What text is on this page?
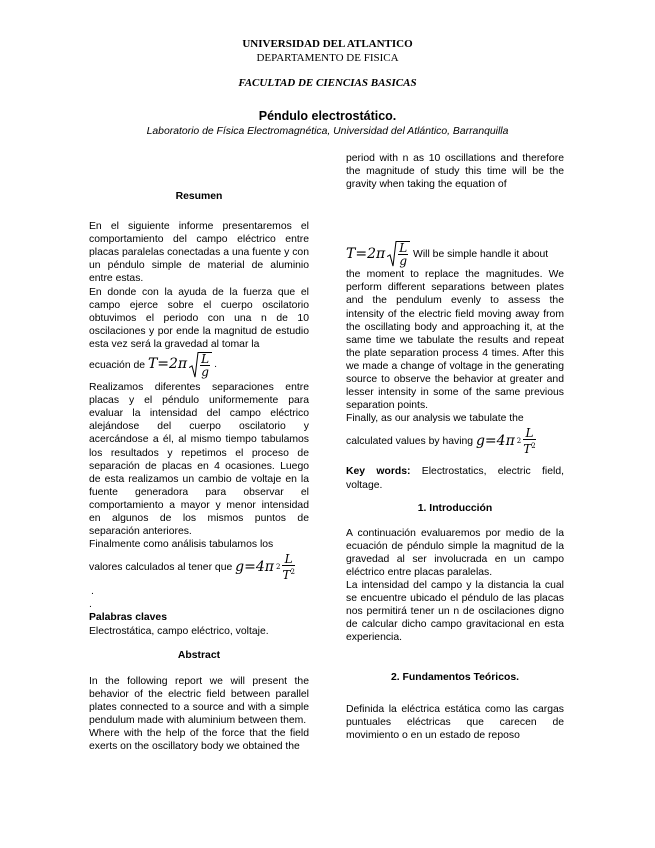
UNIVERSIDAD DEL ATLANTICO
DEPARTAMENTO DE FISICA
FACULTAD DE CIENCIAS BASICAS
Péndulo electrostático.
Laboratorio de Física Electromagnética, Universidad del Atlántico, Barranquilla

Resumen

En el siguiente informe presentaremos el comportamiento del campo eléctrico entre placas paralelas conectadas a una fuente y con un péndulo simple de material de aluminio entre estas.

En donde con la ayuda de la fuerza que el campo ejerce sobre el cuerpo oscilatorio obtuvimos el periodo con una n de 10 oscilaciones y por ende la magnitud de estudio esta vez será la gravedad al tomar la

ecuación de $T=2\pi \frac{L}{g}$ .

Realizamos diferentes separaciones entre placas y el péndulo uniformemente para evaluar la intensidad del campo eléctrico alejándose del cuerpo oscilatorio y acercándose a él, al mismo tiempo tabulamos los resultados y repetimos el proceso de separación de placas en 4 ocasiones. Luego de esta realizamos un cambio de voltaje en la fuente generadora para observar el comportamiento a mayor y menor intensidad en algunos de los mismos puntos de separación anteriores.

Finalmente como análisis tabulamos los

valores calculados al tener que g=4π $2 \frac{L}{T^2}$

.

.

Palabras claves

Electrostática, campo eléctrico, voltaje.

Abstract

In the following report we will present the behavior of the electric field between parallel plates connected to a source and with a simple pendulum made with aluminium between them.

Where with the help of the force that the field exerts on the oscillatory body we obtained the

period with n as 10 oscillations and therefore the magnitude of study this time will be the gravity when taking the equation of

$T=2\pi \frac{L}{g}$ Will be simple handle it about

the moment to replace the magnitudes. We perform different separations between plates and the pendulum evenly to assess the intensity of the electric field moving away from the oscillating body and approaching it, at the same time we tabulate the results and repeat the plate separation process 4 times. After this we made a change of voltage in the generating source to observe the behavior at greater and lesser intensity in some of the same previous separation points.

Finally, as our analysis we tabulate the

calculated values by having g=4π $2 \frac{L}{T^2}$

Key words: Electrostatics, electric field, voltage.

1. Introducción

A continuación evaluaremos por medio de la ecuación de péndulo simple la magnitud de la gravedad al ser involucrada en un campo eléctrico entre placas paralelas.

La intensidad del campo y la distancia la cual se encuentre ubicado el péndulo de las placas nos permitirá tener un n de oscilaciones digno de calcular dicho campo gravitacional en esta experiencia.

2. Fundamentos Teóricos.

Definida la eléctrica estática como las cargas puntuales eléctricas que carecen de movimiento o en un estado de reposo
